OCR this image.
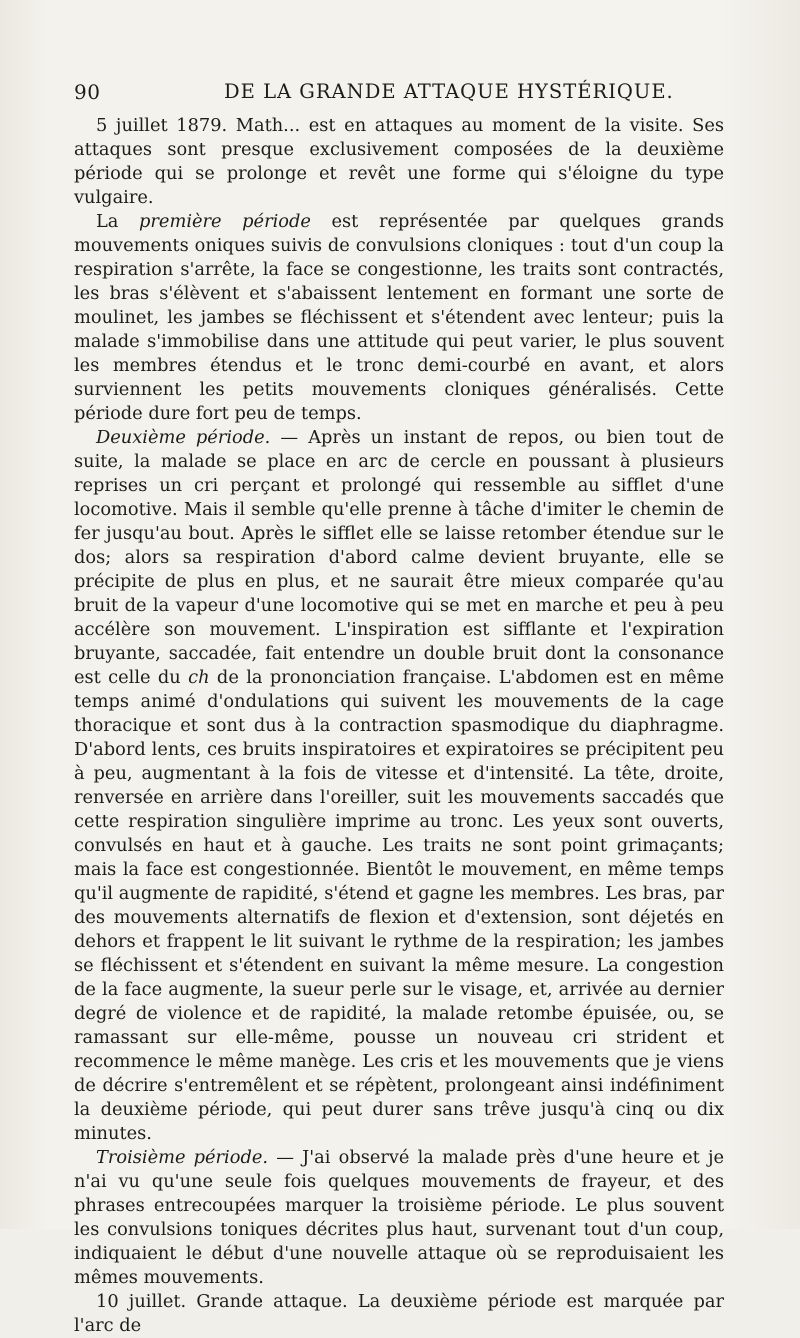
90	DE LA GRANDE ATTAQUE HYSTÉRIQUE.

5 juillet 1879. Math... est en attaques au moment de la visite. Ses attaques sont presque exclusivement composées de la deuxième période qui se prolonge et revêt une forme qui s'éloigne du type vulgaire.

La première période est représentée par quelques grands mouvements oniques suivis de convulsions cloniques : tout d'un coup la respiration s'arrête, la face se congestionne, les traits sont contractés, les bras s'élèvent et s'abaissent lentement en formant une sorte de moulinet, les jambes se fléchissent et s'étendent avec lenteur; puis la malade s'immobilise dans une attitude qui peut varier, le plus souvent les membres étendus et le tronc demi-courbé en avant, et alors surviennent les petits mouvements cloniques généralisés. Cette période dure fort peu de temps.

Deuxième période. — Après un instant de repos, ou bien tout de suite, la malade se place en arc de cercle en poussant à plusieurs reprises un cri perçant et prolongé qui ressemble au sifflet d'une locomotive. Mais il semble qu'elle prenne à tâche d'imiter le chemin de fer jusqu'au bout. Après le sifflet elle se laisse retomber étendue sur le dos; alors sa respiration d'abord calme devient bruyante, elle se précipite de plus en plus, et ne saurait être mieux comparée qu'au bruit de la vapeur d'une locomotive qui se met en marche et peu à peu accélère son mouvement. L'inspiration est sifflante et l'expiration bruyante, saccadée, fait entendre un double bruit dont la consonance est celle du ch de la prononciation française. L'abdomen est en même temps animé d'ondulations qui suivent les mouvements de la cage thoracique et sont dus à la contraction spasmodique du diaphragme. D'abord lents, ces bruits inspiratoires et expiratoires se précipitent peu à peu, augmentant à la fois de vitesse et d'intensité. La tête, droite, renversée en arrière dans l'oreiller, suit les mouvements saccadés que cette respiration singulière imprime au tronc. Les yeux sont ouverts, convulsés en haut et à gauche. Les traits ne sont point grimaçants; mais la face est congestionnée. Bientôt le mouvement, en même temps qu'il augmente de rapidité, s'étend et gagne les membres. Les bras, par des mouvements alternatifs de flexion et d'extension, sont déjetés en dehors et frappent le lit suivant le rythme de la respiration; les jambes se fléchissent et s'étendent en suivant la même mesure. La congestion de la face augmente, la sueur perle sur le visage, et, arrivée au dernier degré de violence et de rapidité, la malade retombe épuisée, ou, se ramassant sur elle-même, pousse un nouveau cri strident et recommence le même manège. Les cris et les mouvements que je viens de décrire s'entremêlent et se répètent, prolongeant ainsi indéfiniment la deuxième période, qui peut durer sans trêve jusqu'à cinq ou dix minutes.

Troisième période. — J'ai observé la malade près d'une heure et je n'ai vu qu'une seule fois quelques mouvements de frayeur, et des phrases entrecoupées marquer la troisième période. Le plus souvent les convulsions toniques décrites plus haut, survenant tout d'un coup, indiquaient le début d'une nouvelle attaque où se reproduisaient les mêmes mouvements.

10 juillet. Grande attaque. La deuxième période est marquée par l'arc de
